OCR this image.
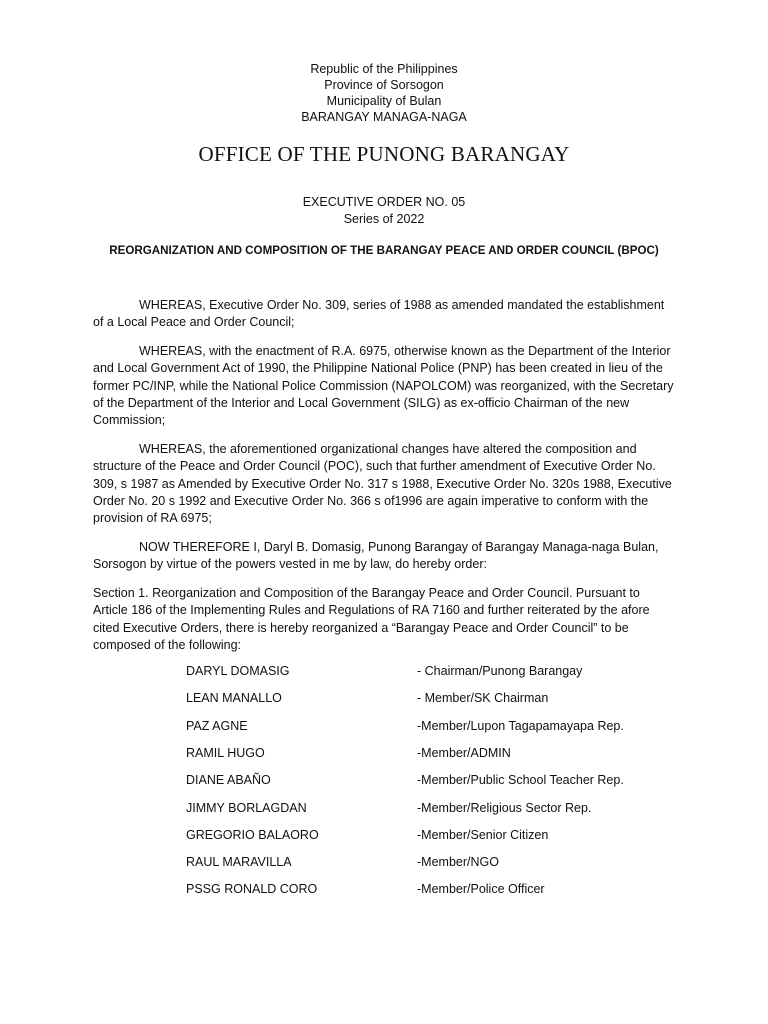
Republic of the Philippines
Province of Sorsogon
Municipality of Bulan
BARANGAY MANAGA-NAGA
OFFICE OF THE PUNONG BARANGAY
EXECUTIVE ORDER NO. 05
Series of 2022
REORGANIZATION AND COMPOSITION OF THE BARANGAY PEACE AND ORDER COUNCIL (BPOC)
WHEREAS, Executive Order No. 309, series of 1988 as amended mandated the establishment of a Local Peace and Order Council;
WHEREAS, with the enactment of R.A. 6975, otherwise known as the Department of the Interior and Local Government Act of 1990, the Philippine National Police (PNP) has been created in lieu of the former PC/INP, while the National Police Commission (NAPOLCOM) was reorganized, with the Secretary of the Department of the Interior and Local Government (SILG) as ex-officio Chairman of the new Commission;
WHEREAS, the aforementioned organizational changes have altered the composition and structure of the Peace and Order Council (POC), such that further amendment of Executive Order No. 309, s 1987 as Amended by Executive Order No. 317 s 1988, Executive Order No. 320s 1988, Executive Order No. 20 s 1992 and Executive Order No. 366 s of1996 are again imperative to conform with the provision of RA 6975;
NOW THEREFORE I, Daryl B. Domasig, Punong Barangay of Barangay Managa-naga Bulan, Sorsogon by virtue of the powers vested in me by law, do hereby order:
Section 1. Reorganization and Composition of the Barangay Peace and Order Council. Pursuant to Article 186 of the Implementing Rules and Regulations of RA 7160 and further reiterated by the afore cited Executive Orders, there is hereby reorganized a “Barangay Peace and Order Council” to be composed of the following:
DARYL DOMASIG	- Chairman/Punong Barangay
LEAN MANALLO	- Member/SK Chairman
PAZ AGNE	-Member/Lupon Tagapamayapa Rep.
RAMIL HUGO	-Member/ADMIN
DIANE ABAÑO	-Member/Public School Teacher Rep.
JIMMY BORLAGDAN	-Member/Religious Sector Rep.
GREGORIO BALAORO	-Member/Senior Citizen
RAUL MARAVILLA	-Member/NGO
PSSG RONALD CORO	-Member/Police Officer
